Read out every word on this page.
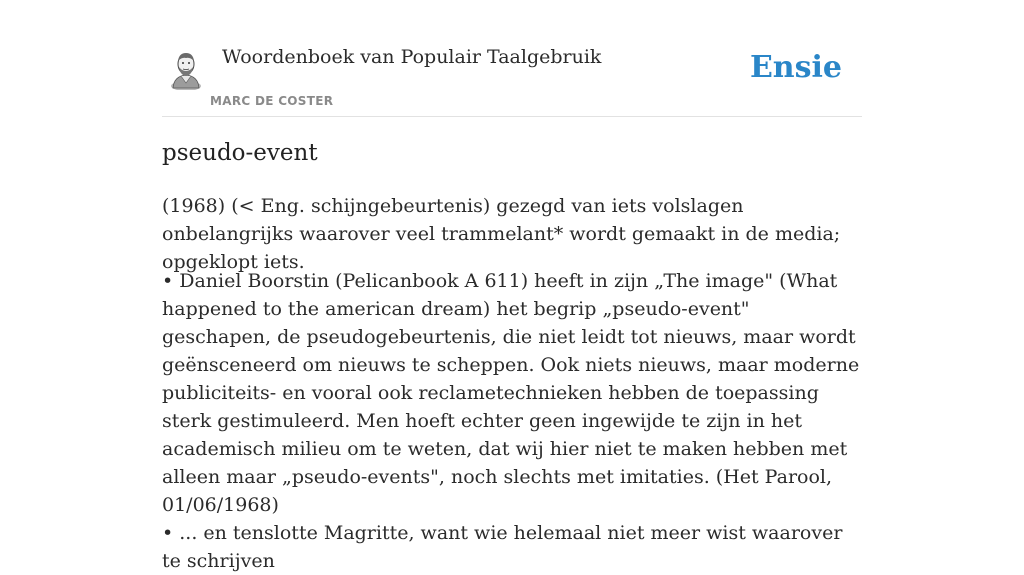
Woordenboek van Populair Taalgebruik
MARC DE COSTER
Ensie
pseudo-event

(1968) (< Eng. schijngebeurtenis) gezegd van iets volslagen onbelangrijks waarover veel trammelant* wordt gemaakt in de media; opgeklopt iets.

• Daniel Boorstin (Pelicanbook A 611) heeft in zijn „The image" (What happened to the american dream) het begrip „pseudo-event" geschapen, de pseudogebeurtenis, die niet leidt tot nieuws, maar wordt geënsceneerd om nieuws te scheppen. Ook niets nieuws, maar moderne publiciteits- en vooral ook reclametechnieken hebben de toepassing sterk gestimuleerd. Men hoeft echter geen ingewijde te zijn in het academisch milieu om te weten, dat wij hier niet te maken hebben met alleen maar „pseudo-events", noch slechts met imitaties. (Het Parool, 01/06/1968)

• ... en tenslotte Magritte, want wie helemaal niet meer wist waarover te schrijven
